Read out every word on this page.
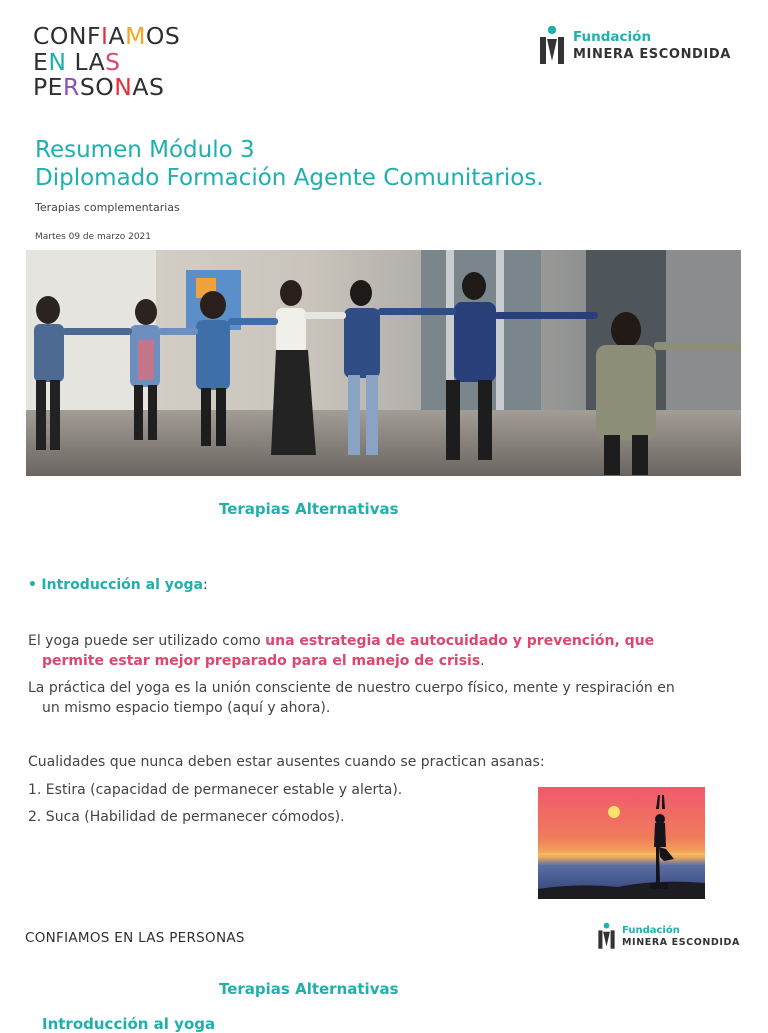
CONFIAMOS
EN LAS
PERSONAS
Fundación
MINERA ESCONDIDA
Resumen Módulo 3
Diplomado Formación Agente Comunitarios.
Terapias complementarias
Martes 09 de marzo 2021
Terapias Alternativas
• Introducción al yoga:
El yoga puede ser utilizado como una estrategia de autocuidado y prevención, que
permite estar mejor preparado para el manejo de crisis.
La práctica del yoga es la unión consciente de nuestro cuerpo físico, mente y respiración en
un mismo espacio tiempo (aquí y ahora).
Cualidades que nunca deben estar ausentes cuando se practican asanas:
1. Estira (capacidad de permanecer estable y alerta).
2. Suca (Habilidad de permanecer cómodos).
CONFIAMOS EN LAS PERSONAS	Fundación
MINERA ESCONDIDA
Terapias Alternativas
Introducción al yoga
